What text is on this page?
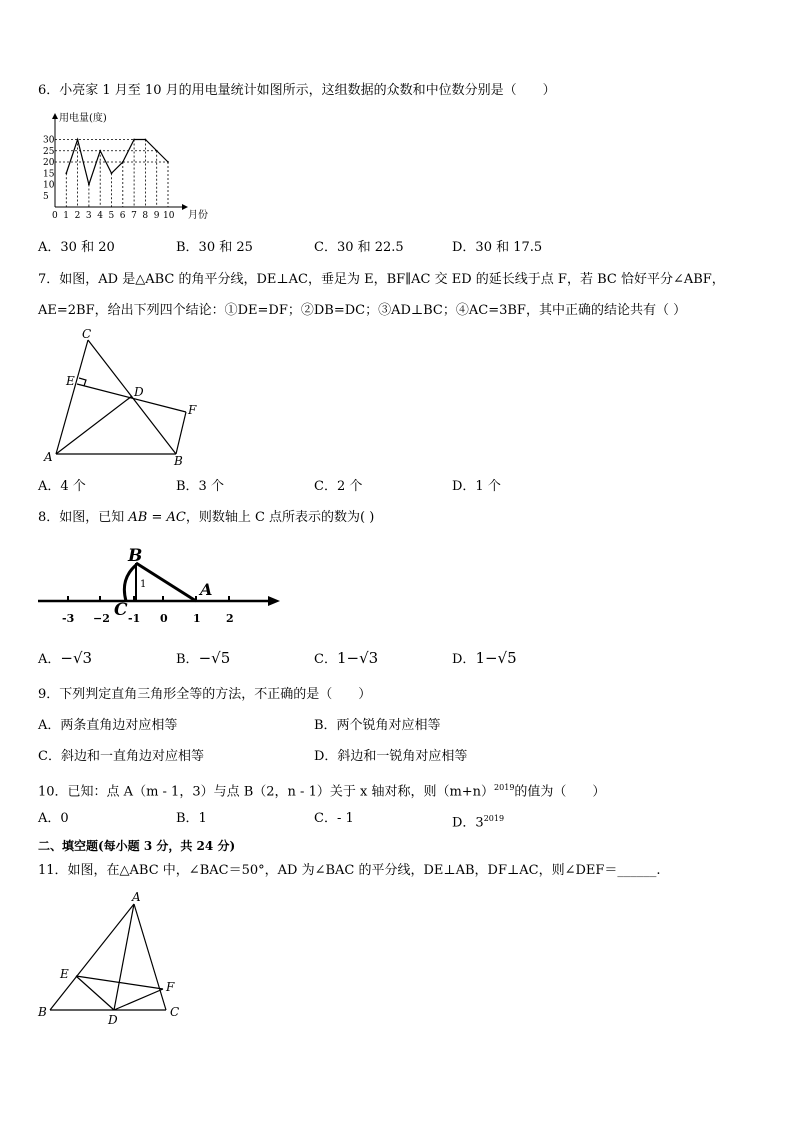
6．小亮家 1 月至 10 月的用电量统计如图所示，这组数据的众数和中位数分别是（　　）
5
10
15
20
25
30
0 1 2 3 4 5 6 7 8 9 10
用电量(度)
月份
A．30 和 20	B．30 和 25	C．30 和 22.5	D．30 和 17.5
7．如图，AD 是△ABC 的角平分线，DE⊥AC，垂足为 E，BF∥AC 交 ED 的延长线于点 F，若 BC 恰好平分∠ABF，
AE=2BF，给出下列四个结论：①DE=DF；②DB=DC；③AD⊥BC；④AC=3BF，其中正确的结论共有（ ）
C
E
D
F
A	B
A．4 个	B．3 个	C．2 个	D．1 个
8．如图，已知 AB = AC，则数轴上 C 点所表示的数为( )
B
A
1
C
-3 −2 -1 0 1 2
A．−√3	B．−√5	C．1−√3	D．1−√5
9．下列判定直角三角形全等的方法，不正确的是（　　）
A．两条直角边对应相等	B．两个锐角对应相等
C．斜边和一直角边对应相等	D．斜边和一锐角对应相等
10．已知：点 A（m - 1，3）与点 B（2，n - 1）关于 x 轴对称，则$(m+n)^{2019}$的值为（　　）
A．0	B．1	C．- 1	D．$3^{2019}$
二、填空题(每小题 3 分，共 24 分)
11．如图，在△ABC 中，∠BAC＝50°，AD 为∠BAC 的平分线，DE⊥AB，DF⊥AC，则∠DEF＝______.
A
E
F
B
D
C
